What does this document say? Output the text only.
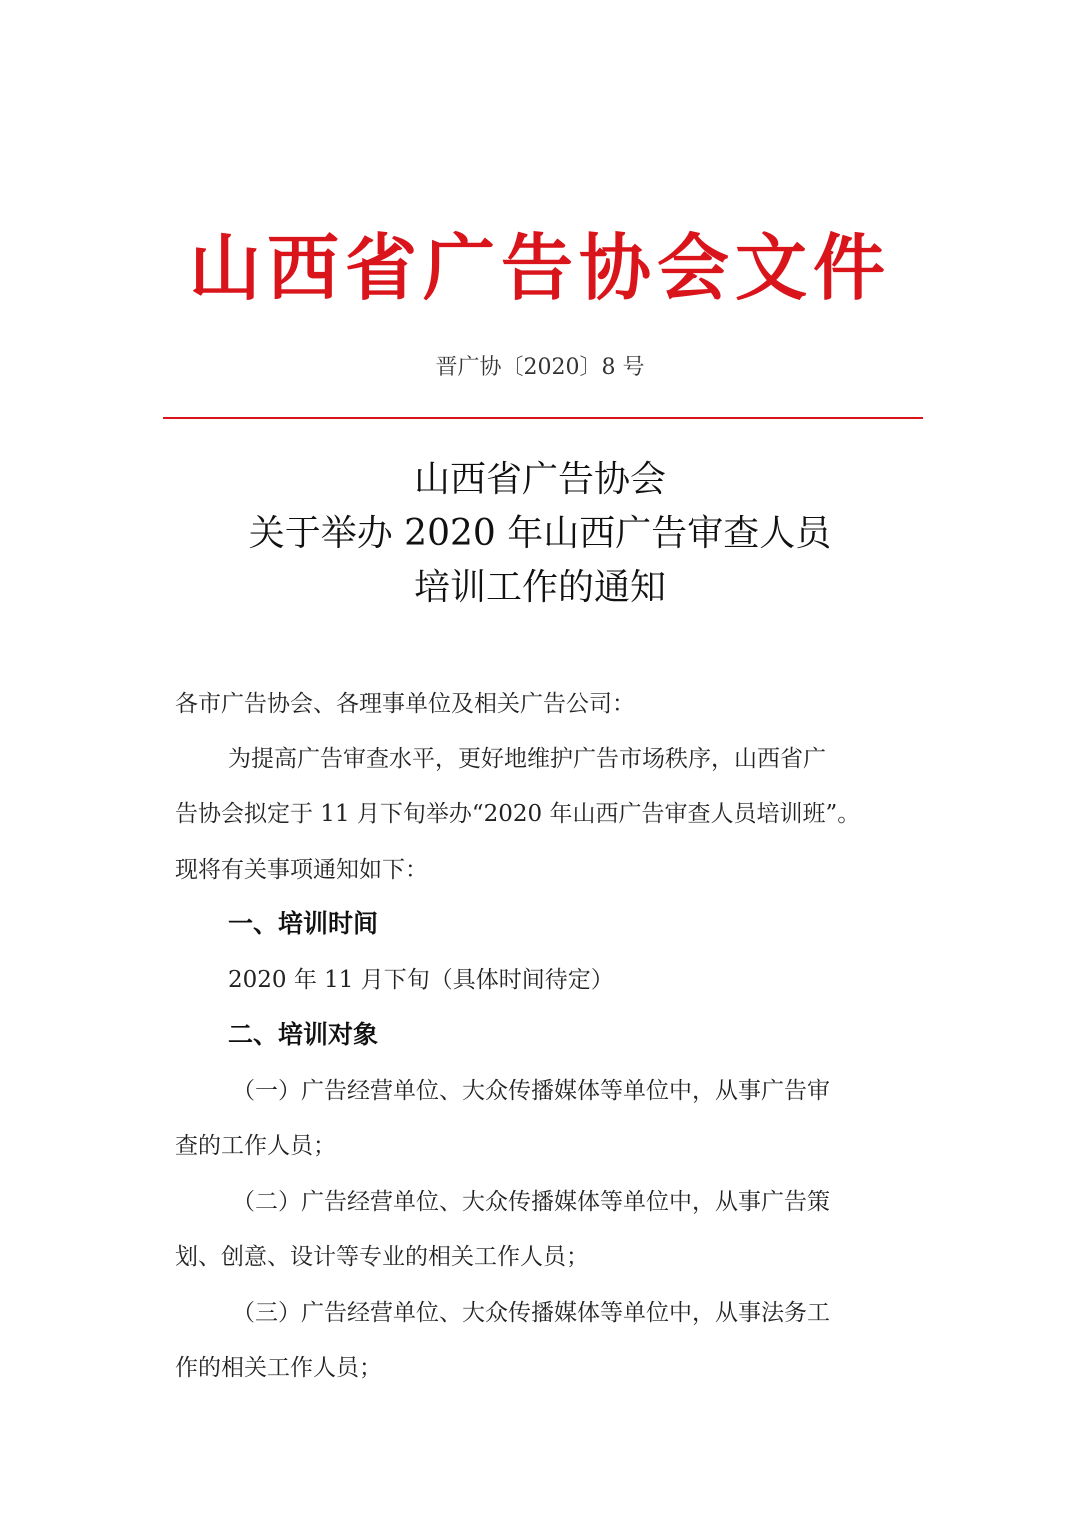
山西省广告协会文件
晋广协〔2020〕8 号
山西省广告协会
关于举办 2020 年山西广告审查人员
培训工作的通知
各市广告协会、各理事单位及相关广告公司：
为提高广告审查水平，更好地维护广告市场秩序，山西省广
告协会拟定于 11 月下旬举办“2020 年山西广告审查人员培训班”。
现将有关事项通知如下：
一、培训时间
2020 年 11 月下旬（具体时间待定）
二、培训对象
（一）广告经营单位、大众传播媒体等单位中，从事广告审
查的工作人员；
（二）广告经营单位、大众传播媒体等单位中，从事广告策
划、创意、设计等专业的相关工作人员；
（三）广告经营单位、大众传播媒体等单位中，从事法务工
作的相关工作人员；
